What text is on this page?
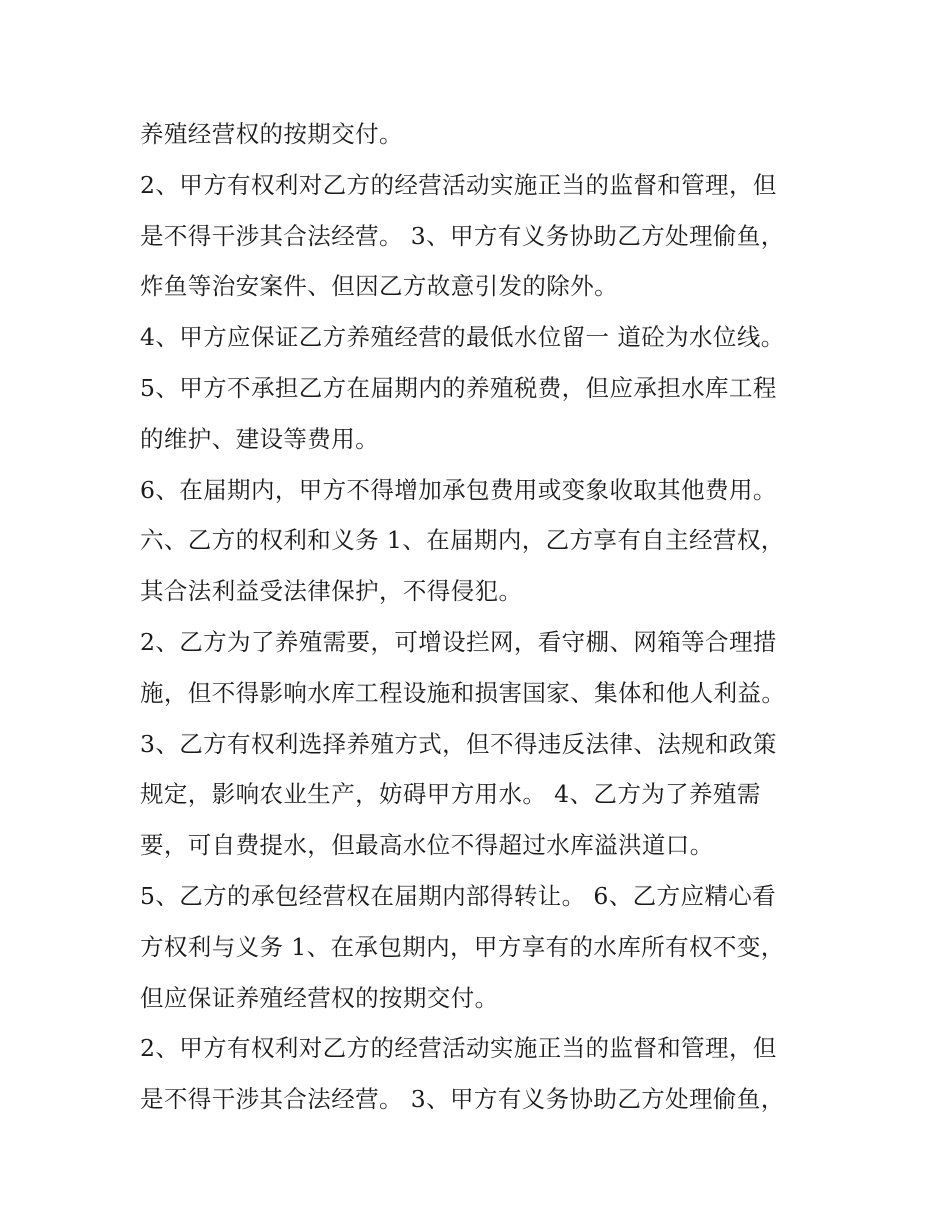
养殖经营权的按期交付。
2、甲方有权利对乙方的经营活动实施正当的监督和管理，但
是不得干涉其合法经营。 3、甲方有义务协助乙方处理偷鱼，
炸鱼等治安案件、但因乙方故意引发的除外。
4、甲方应保证乙方养殖经营的最低水位留一 道砼为水位线。
5、甲方不承担乙方在届期内的养殖税费，但应承担水库工程
的维护、建设等费用。
6、在届期内，甲方不得增加承包费用或变象收取其他费用。
六、乙方的权利和义务 1、在届期内，乙方享有自主经营权，
其合法利益受法律保护，不得侵犯。
2、乙方为了养殖需要，可增设拦网，看守棚、网箱等合理措
施，但不得影响水库工程设施和损害国家、集体和他人利益。
3、乙方有权利选择养殖方式，但不得违反法律、法规和政策
规定，影响农业生产，妨碍甲方用水。 4、乙方为了养殖需
要，可自费提水，但最高水位不得超过水库溢洪道口。
5、乙方的承包经营权在届期内部得转让。 6、乙方应精心看
方权利与义务 1、在承包期内，甲方享有的水库所有权不变，
但应保证养殖经营权的按期交付。
2、甲方有权利对乙方的经营活动实施正当的监督和管理，但
是不得干涉其合法经营。 3、甲方有义务协助乙方处理偷鱼，
